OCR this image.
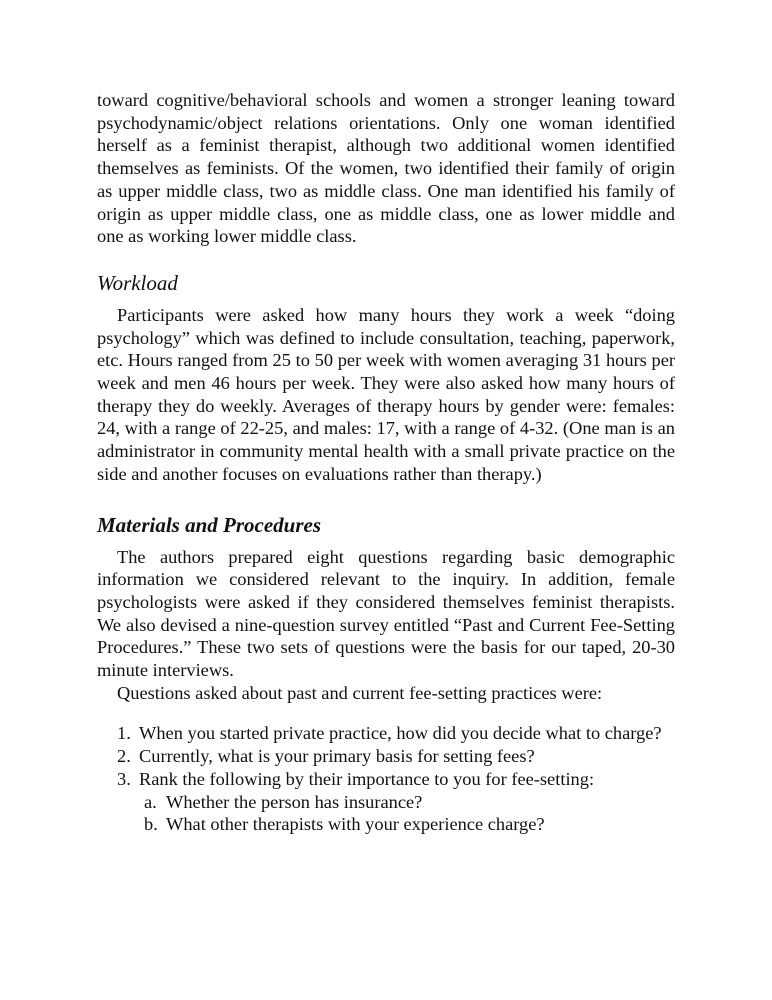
toward cognitive/behavioral schools and women a stronger leaning toward psychodynamic/object relations orientations. Only one woman identified herself as a feminist therapist, although two additional women identified themselves as feminists. Of the women, two identified their family of origin as upper middle class, two as middle class. One man identified his family of origin as upper middle class, one as middle class, one as lower middle and one as working lower middle class.

Workload

Participants were asked how many hours they work a week “doing psychology” which was defined to include consultation, teaching, paperwork, etc. Hours ranged from 25 to 50 per week with women averaging 31 hours per week and men 46 hours per week. They were also asked how many hours of therapy they do weekly. Averages of therapy hours by gender were: females: 24, with a range of 22-25, and males: 17, with a range of 4-32. (One man is an administrator in community mental health with a small private practice on the side and another focuses on evaluations rather than therapy.)

Materials and Procedures

The authors prepared eight questions regarding basic demographic information we considered relevant to the inquiry. In addition, female psychologists were asked if they considered themselves feminist therapists. We also devised a nine-question survey entitled “Past and Current Fee-Setting Procedures.” These two sets of questions were the basis for our taped, 20-30 minute interviews.

Questions asked about past and current fee-setting practices were:

1. When you started private practice, how did you decide what to charge?
2. Currently, what is your primary basis for setting fees?
3. Rank the following by their importance to you for fee-setting:
a. Whether the person has insurance?
b. What other therapists with your experience charge?
